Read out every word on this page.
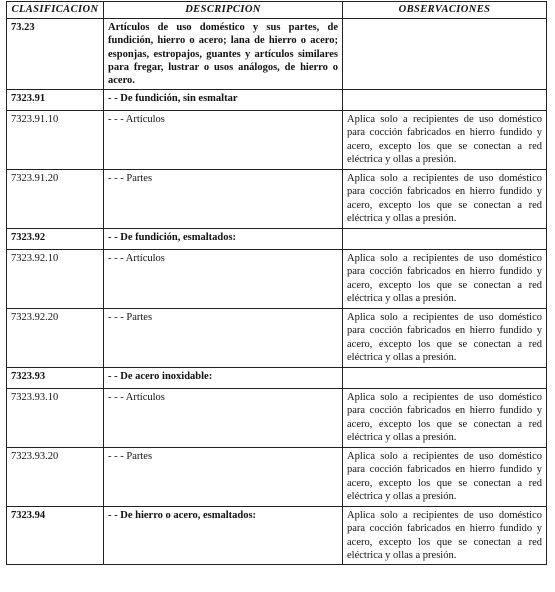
CLASIFICACION	DESCRIPCION	OBSERVACIONES
73.23	Artículos de uso doméstico y sus partes, de fundición, hierro o acero; lana de hierro o acero; esponjas, estropajos, guantes y artículos similares para fregar, lustrar o usos análogos, de hierro o acero.	
7323.91	- - De fundición, sin esmaltar	
7323.91.10	- - - Artículos	Aplica solo a recipientes de uso doméstico para cocción fabricados en hierro fundido y acero, excepto los que se conectan a red eléctrica y ollas a presión.
7323.91.20	- - - Partes	Aplica solo a recipientes de uso doméstico para cocción fabricados en hierro fundido y acero, excepto los que se conectan a red eléctrica y ollas a presión.
7323.92	- - De fundición, esmaltados:	
7323.92.10	- - - Artículos	Aplica solo a recipientes de uso doméstico para cocción fabricados en hierro fundido y acero, excepto los que se conectan a red eléctrica y ollas a presión.
7323.92.20	- - - Partes	Aplica solo a recipientes de uso doméstico para cocción fabricados en hierro fundido y acero, excepto los que se conectan a red eléctrica y ollas a presión.
7323.93	- - De acero inoxidable:	
7323.93.10	- - - Artículos	Aplica solo a recipientes de uso doméstico para cocción fabricados en hierro fundido y acero, excepto los que se conectan a red eléctrica y ollas a presión.
7323.93.20	- - - Partes	Aplica solo a recipientes de uso doméstico para cocción fabricados en hierro fundido y acero, excepto los que se conectan a red eléctrica y ollas a presión.
7323.94	- - De hierro o acero, esmaltados:	Aplica solo a recipientes de uso doméstico para cocción fabricados en hierro fundido y acero, excepto los que se conectan a red eléctrica y ollas a presión.
